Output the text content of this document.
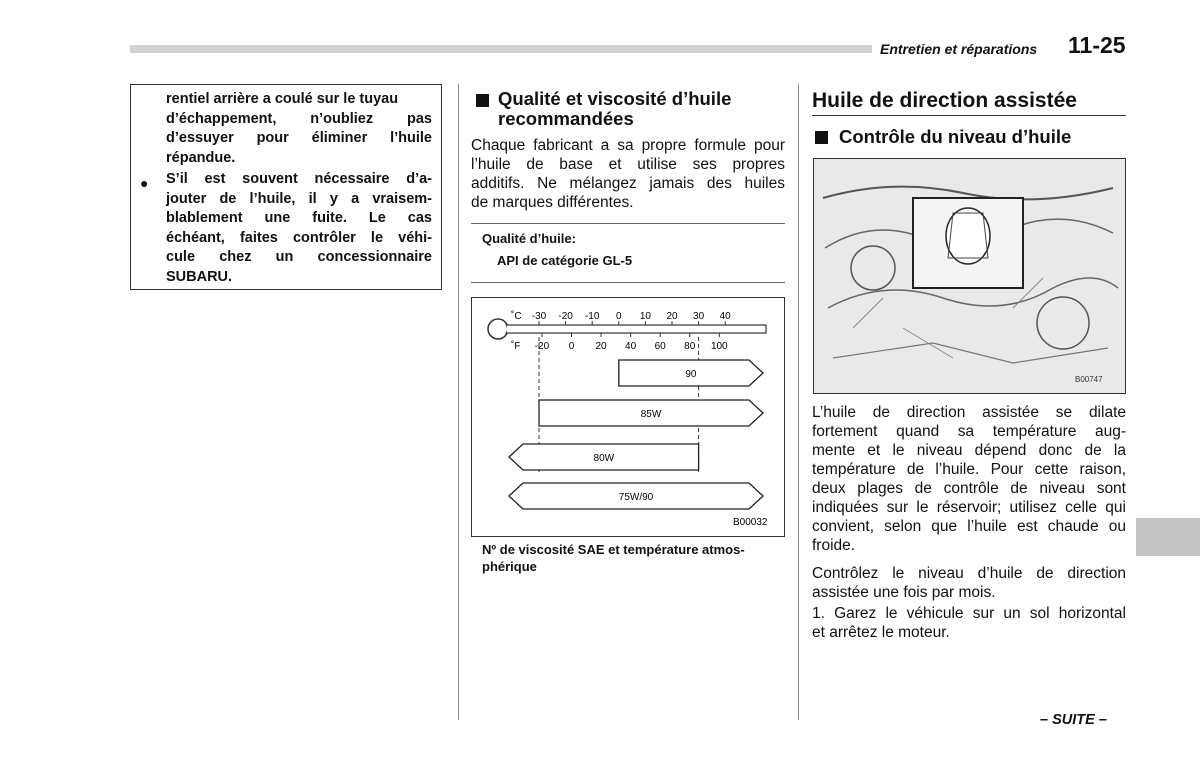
Entretien et réparations 11-25
rentiel arrière a coulé sur le tuyau
d’échappement, n’oubliez pas
d’essuyer pour éliminer l’huile
répandue.
● S’il est souvent nécessaire d’a-
jouter de l’huile, il y a vraisem-
blablement une fuite. Le cas
échéant, faites contrôler le véhi-
cule chez un concessionnaire
SUBARU.
Qualité et viscosité d’huile
recommandées
Chaque fabricant a sa propre formule pour
l’huile de base et utilise ses propres
additifs. Ne mélangez jamais des huiles
de marques différentes.
Qualité d’huile:
API de catégorie GL-5
˚C -30 -20 -10 0 10 20 30 40
˚F -20 0 20 40 60 80 100
90
85W
80W
75W/90
B00032
Nº de viscosité SAE et température atmos-
phérique
Huile de direction assistée
Contrôle du niveau d’huile
B00747
L’huile de direction assistée se dilate
fortement quand sa température aug-
mente et le niveau dépend donc de la
température de l’huile. Pour cette raison,
deux plages de contrôle de niveau sont
indiquées sur le réservoir; utilisez celle qui
convient, selon que l’huile est chaude ou
froide.
Contrôlez le niveau d’huile de direction
assistée une fois par mois.
1. Garez le véhicule sur un sol horizontal
et arrêtez le moteur.
– SUITE –
